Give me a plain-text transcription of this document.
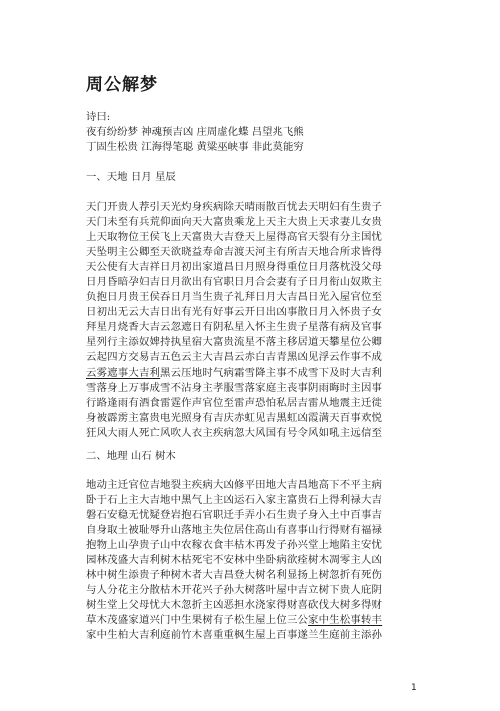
周公解梦
诗曰:
夜有纷纷梦 神魂预吉凶 庄周虚化蝶 吕望兆飞熊
丁固生松贵 江海得笔聪 黄粱巫峡事 非此莫能穷
一、天地 日月 星辰
天门开贵人荐引天光灼身疾病除天晴雨散百忧去天明妇有生贵子
天门未至有兵荒仰面向天大富贵乘龙上天主大贵上天求妻儿女贵
上天取物位王侯飞上天富贵大吉登天上屋得高官天裂有分主国忧
天坠明主公卿至天欲晓益寿命吉渡天河主有所吉天地合所求皆得
天公使有大吉祥日月初出家道昌日月照身得重位日月落枕没父母
日月昏暗孕妇吉日月欲出有官职日月合会妻有子日月衔山奴欺主
负抱日月贵王侯吞日月当生贵子礼拜日月大吉昌日光入屋官位至
日初出无云大吉日出有光有好事云开日出凶事散日月入怀贵子女
拜星月烧香大吉云忽遮日有阴私星入怀主生贵子星落有病及官事
星列行主添奴婢持执星宿大富贵流星不落主移居道天攀星位公卿
云起四方交易吉五色云主大吉昌云赤白吉青黑凶见浮云作事不成
云雾遮事大吉利黑云压地时气病霜雪降主事不成雪下及时大吉利
雪落身上万事成雪不沾身主孝服雪落家庭主丧事阴雨晦时主因事
行路逢雨有酒食雷霆作声官位至雷声恐怕私居吉雷从地震主迁徙
身被霹雳主富贵电光照身有吉庆赤虹见吉黑虹凶霞满天百事欢悦
狂风大雨人死亡风吹人衣主疾病忽大风国有号令风如吼主远信至
二、地理 山石 树木
地动主迁官位吉地裂主疾病大凶修平田地大吉昌地高下不平主病
卧于石上主大吉地中黑气上主凶运石入家主富贵石上得利禄大吉
磐石安稳无忧疑登岩抱石官职迁手弄小石生贵子身入土中百事吉
自身取土被耻辱升山落地主失位居住高山有喜事山行得财有福禄
抱物上山孕贵子山中农稼衣食丰枯木再发子孙兴堂上地陷主安忧
园林茂盛大吉利树木枯死宅不安林中坐卧病欲痊树木凋零主人凶
林中树生添贵子种树木者大吉昌登大树名利显扬上树忽折有死伤
与人分花主分散枯木开花兴子孙大树落叶屋中吉立树下贵人庇阴
树生堂上父母忧大木忽折主凶恶担水浇家得财喜砍伐大树多得财
草木茂盛家道兴门中生果树有子松生屋上位三公家中生松事转丰
家中生柏大吉利庭前竹木喜重重枫生屋上百事遂兰生庭前主添孙
1
